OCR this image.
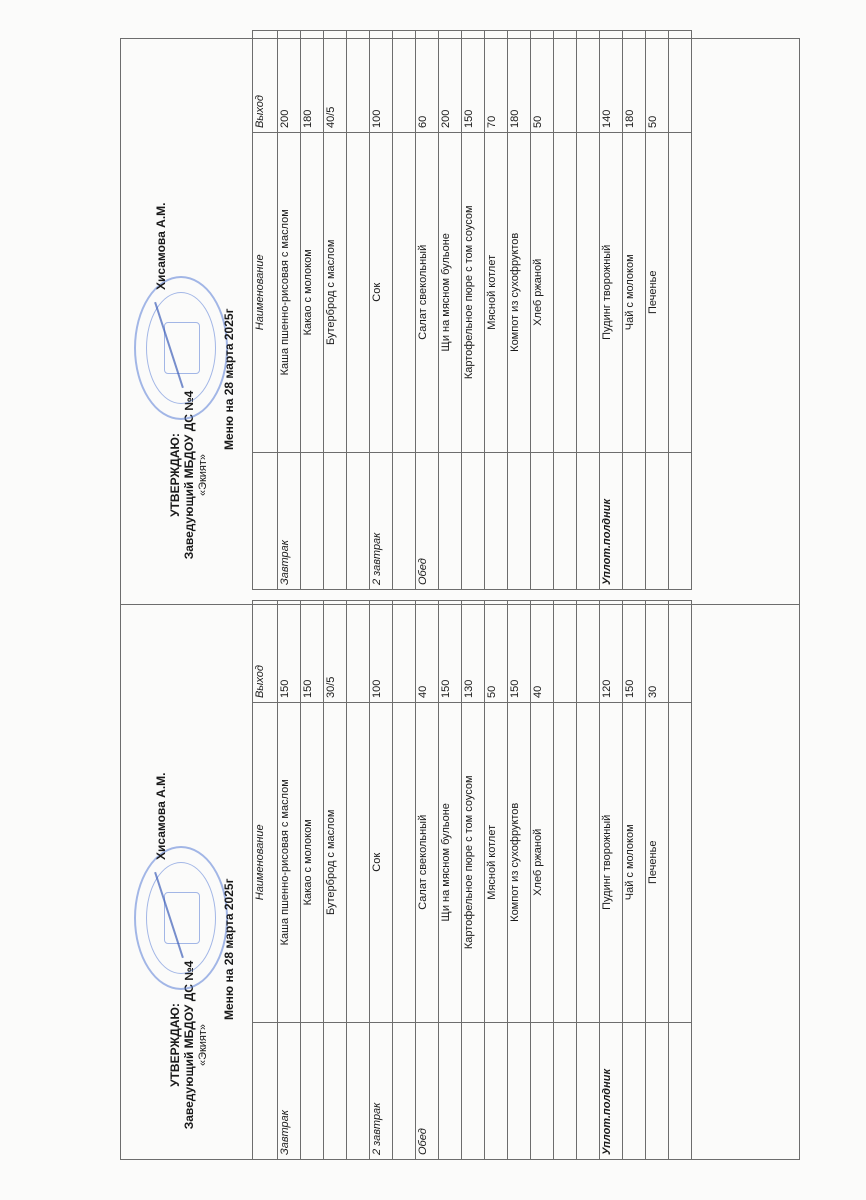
УТВЕРЖДАЮ: Заведующий МБДОУ ДС №4 «Экият»
Хисамова А.М.
Меню на 28 марта 2025г
	Наименование	Выход
Завтрак	Каша пшенно-рисовая с маслом	150
	Какао с молоком	150
	Бутерброд с маслом	30/5

2 завтрак	Сок	100

Обед	Салат свекольный	40
	Щи на мясном бульоне	150
	Картофельное пюре с том соусом	130
	Мясной котлет	50
	Компот из сухофруктов	150
	Хлеб ржаной	40

Уплот.полдник	Пудинг творожный	120
	Чай с молоком	150
	Печенье	30

УТВЕРЖДАЮ: Заведующий МБДОУ ДС №4 «Экият»
Хисамова А.М.
Меню на 28 марта 2025г
	Наименование	Выход
Завтрак	Каша пшенно-рисовая с маслом	200
	Какао с молоком	180
	Бутерброд с маслом	40/5

2 завтрак	Сок	100

Обед	Салат свекольный	60
	Щи на мясном бульоне	200
	Картофельное пюре с том соусом	150
	Мясной котлет	70
	Компот из сухофруктов	180
	Хлеб ржаной	50

Уплот.полдник	Пудинг творожный	140
	Чай с молоком	180
	Печенье	50
